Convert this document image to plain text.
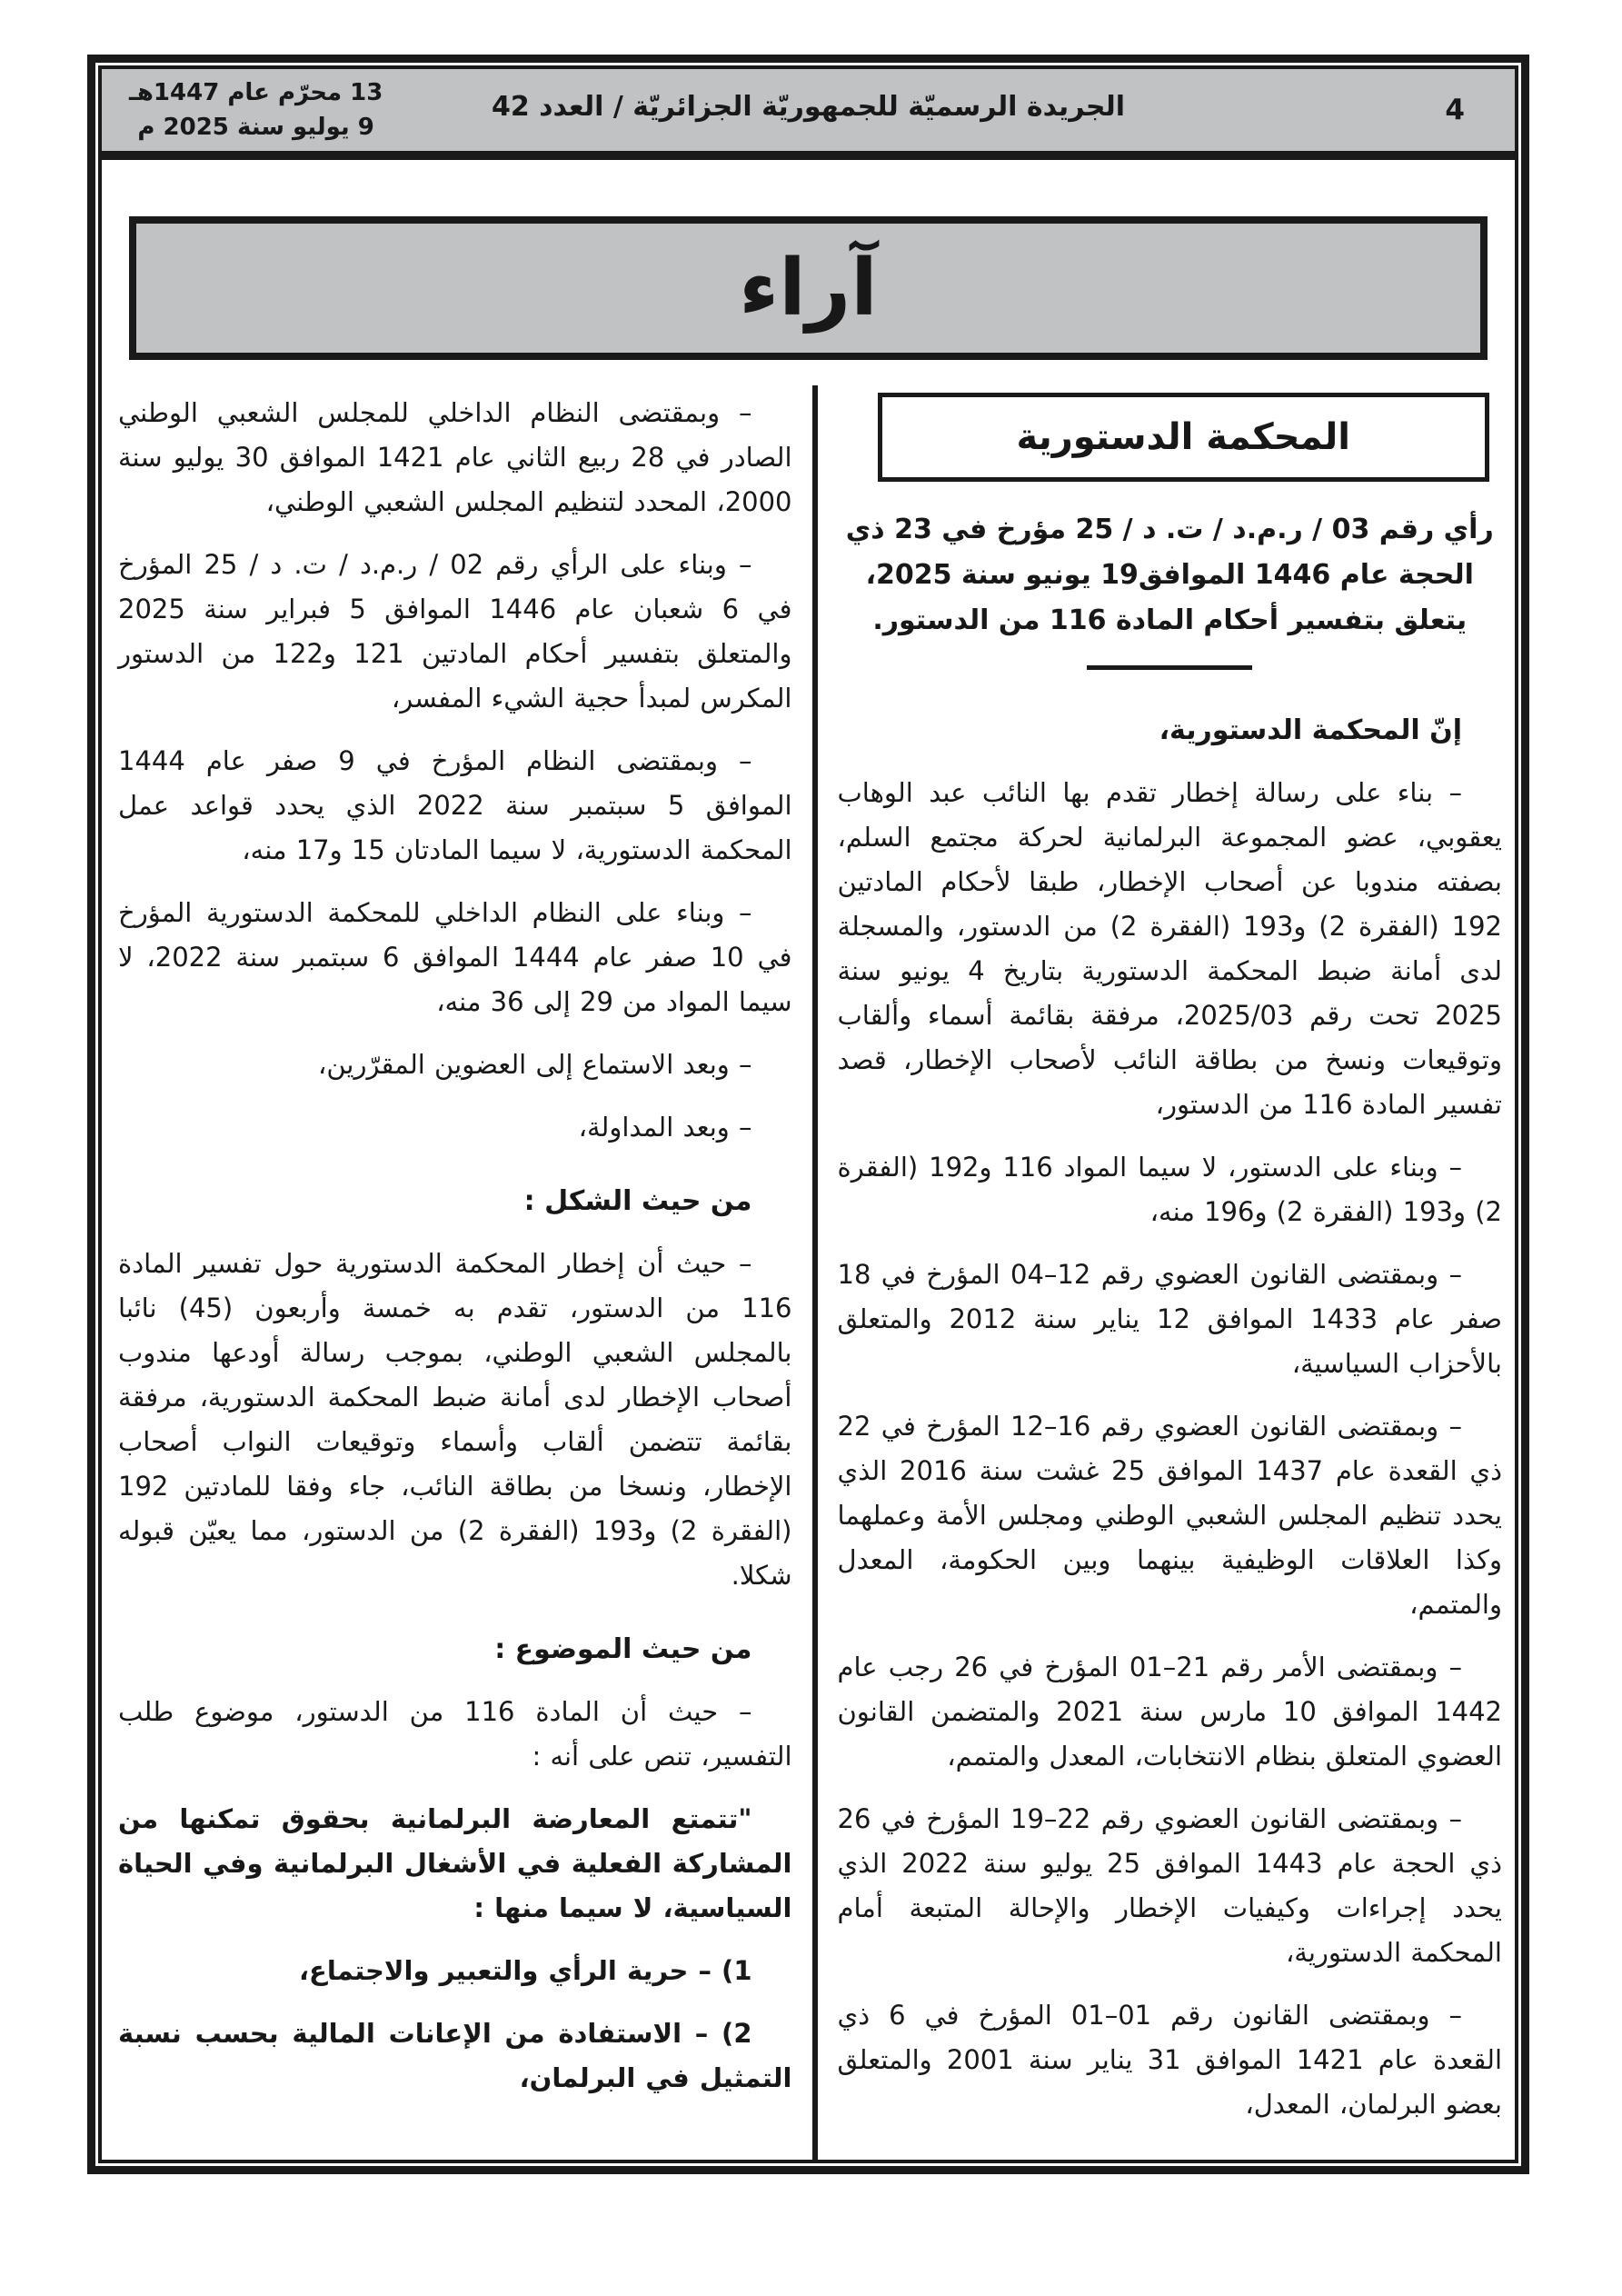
4
الجريدة الرسميّة للجمهوريّة الجزائريّة / العدد 42
13 محرّم عام 1447هـ
9 يوليو سنة 2025 م
آراء
المحكمة الدستورية

رأي رقم 03 / ر.م.د / ت. د / 25 مؤرخ في 23 ذي الحجة عام 1446 الموافق19 يونيو سنة 2025، يتعلق بتفسير أحكام المادة 116 من الدستور.

إنّ المحكمة الدستورية،

– بناء على رسالة إخطار تقدم بها النائب عبد الوهاب يعقوبي، عضو المجموعة البرلمانية لحركة مجتمع السلم، بصفته مندوبا عن أصحاب الإخطار، طبقا لأحكام المادتين 192 (الفقرة 2) و193 (الفقرة 2) من الدستور، والمسجلة لدى أمانة ضبط المحكمة الدستورية بتاريخ 4 يونيو سنة 2025 تحت رقم 2025/03، مرفقة بقائمة أسماء وألقاب وتوقيعات ونسخ من بطاقة النائب لأصحاب الإخطار، قصد تفسير المادة 116 من الدستور،

– وبناء على الدستور، لا سيما المواد 116 و192 (الفقرة 2) و193 (الفقرة 2) و196 منه،

– وبمقتضى القانون العضوي رقم 12–04 المؤرخ في 18 صفر عام 1433 الموافق 12 يناير سنة 2012 والمتعلق بالأحزاب السياسية،

– وبمقتضى القانون العضوي رقم 16–12 المؤرخ في 22 ذي القعدة عام 1437 الموافق 25 غشت سنة 2016 الذي يحدد تنظيم المجلس الشعبي الوطني ومجلس الأمة وعملهما وكذا العلاقات الوظيفية بينهما وبين الحكومة، المعدل والمتمم،

– وبمقتضى الأمر رقم 21–01 المؤرخ في 26 رجب عام 1442 الموافق 10 مارس سنة 2021 والمتضمن القانون العضوي المتعلق بنظام الانتخابات، المعدل والمتمم،

– وبمقتضى القانون العضوي رقم 22–19 المؤرخ في 26 ذي الحجة عام 1443 الموافق 25 يوليو سنة 2022 الذي يحدد إجراءات وكيفيات الإخطار والإحالة المتبعة أمام المحكمة الدستورية،

– وبمقتضى القانون رقم 01–01 المؤرخ في 6 ذي القعدة عام 1421 الموافق 31 يناير سنة 2001 والمتعلق بعضو البرلمان، المعدل،

– وبمقتضى النظام الداخلي للمجلس الشعبي الوطني الصادر في 28 ربيع الثاني عام 1421 الموافق 30 يوليو سنة 2000، المحدد لتنظيم المجلس الشعبي الوطني،

– وبناء على الرأي رقم 02 / ر.م.د / ت. د / 25 المؤرخ في 6 شعبان عام 1446 الموافق 5 فبراير سنة 2025 والمتعلق بتفسير أحكام المادتين 121 و122 من الدستور المكرس لمبدأ حجية الشيء المفسر،

– وبمقتضى النظام المؤرخ في 9 صفر عام 1444 الموافق 5 سبتمبر سنة 2022 الذي يحدد قواعد عمل المحكمة الدستورية، لا سيما المادتان 15 و17 منه،

– وبناء على النظام الداخلي للمحكمة الدستورية المؤرخ في 10 صفر عام 1444 الموافق 6 سبتمبر سنة 2022، لا سيما المواد من 29 إلى 36 منه،

– وبعد الاستماع إلى العضوين المقرّرين،

– وبعد المداولة،

من حيث الشكل :

– حيث أن إخطار المحكمة الدستورية حول تفسير المادة 116 من الدستور، تقدم به خمسة وأربعون (45) نائبا بالمجلس الشعبي الوطني، بموجب رسالة أودعها مندوب أصحاب الإخطار لدى أمانة ضبط المحكمة الدستورية، مرفقة بقائمة تتضمن ألقاب وأسماء وتوقيعات النواب أصحاب الإخطار، ونسخا من بطاقة النائب، جاء وفقا للمادتين 192 (الفقرة 2) و193 (الفقرة 2) من الدستور، مما يعيّن قبوله شكلا.

من حيث الموضوع :

– حيث أن المادة 116 من الدستور، موضوع طلب التفسير، تنص على أنه :

"تتمتع المعارضة البرلمانية بحقوق تمكنها من المشاركة الفعلية في الأشغال البرلمانية وفي الحياة السياسية، لا سيما منها :

1) – حرية الرأي والتعبير والاجتماع،

2) – الاستفادة من الإعانات المالية بحسب نسبة التمثيل في البرلمان،
